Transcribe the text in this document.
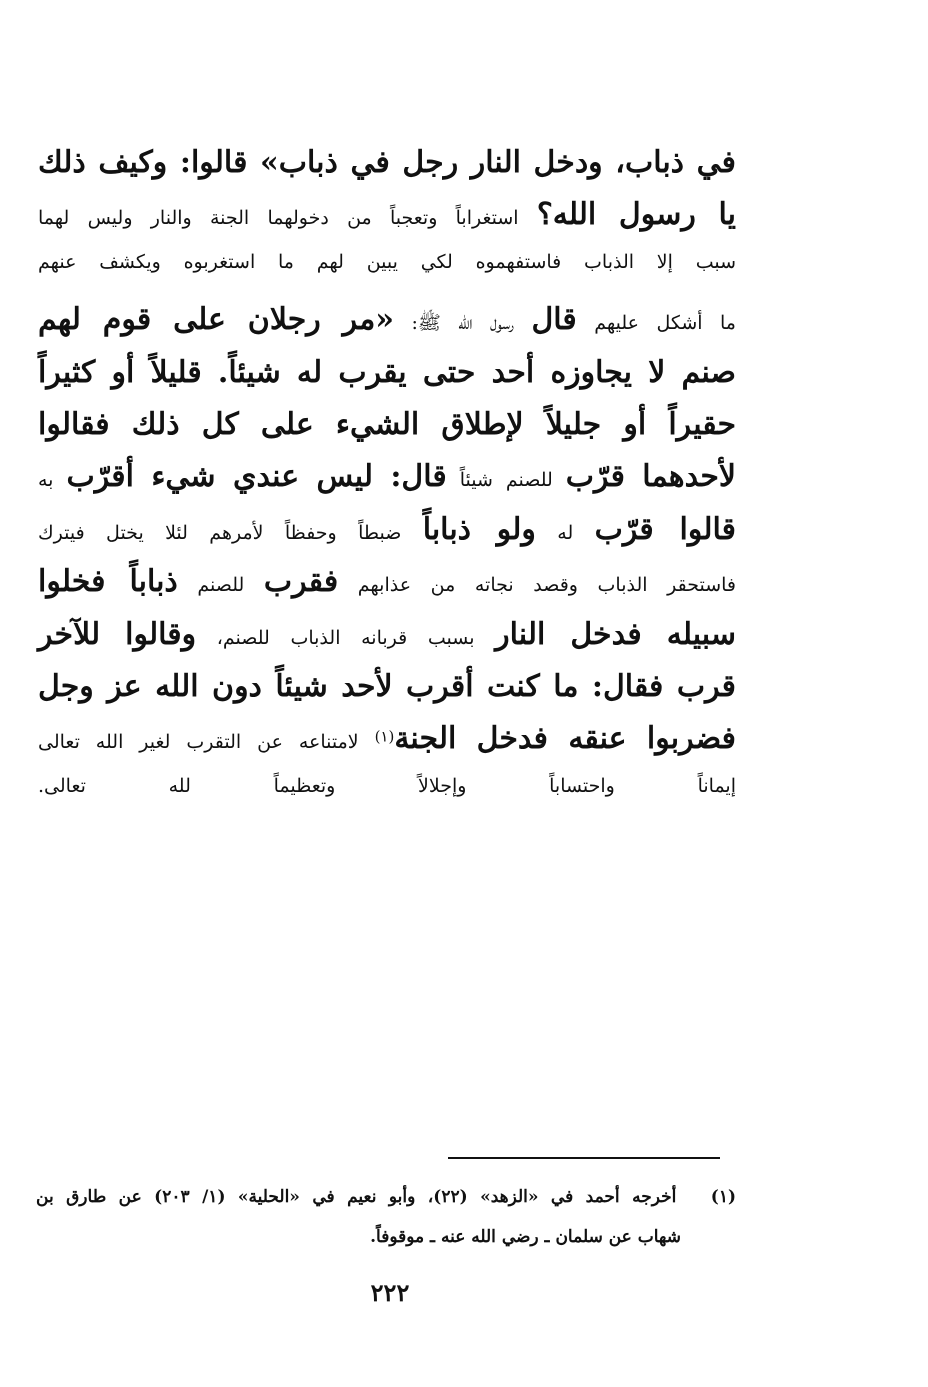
في ذباب، ودخل النار رجل في ذباب» قالوا: وكيف ذلك
يا رسول الله؟ استغراباً وتعجباً من دخولهما الجنة والنار وليس لهما
سبب إلا الذباب فاستفهموه لكي يبين لهم ما استغربوه ويكشف عنهم
ما أشكل عليهم قال رسول الله ﷺ: «مر رجلان على قوم لهم
صنم لا يجاوزه أحد حتى يقرب له شيئاً. قليلاً أو كثيراً
حقيراً أو جليلاً لإطلاق الشيء على كل ذلك فقالوا
لأحدهما قرّب للصنم شيئاً قال: ليس عندي شيء أقرّب به
قالوا قرّب له ولو ذباباً ضبطاً وحفظاً لأمرهم لئلا يختل فيترك
فاستحقر الذباب وقصد نجاته من عذابهم فقرب للصنم ذباباً فخلوا
سبيله فدخل النار بسبب قربانه الذباب للصنم، وقالوا للآخر
قرب فقال: ما كنت أقرب لأحد شيئاً دون الله عز وجل
فضربوا عنقه فدخل الجنة(١) لامتناعه عن التقرب لغير الله تعالى
إيماناً واحتساباً وإجلالاً وتعظيماً لله تعالى.
(١) أخرجه أحمد في «الزهد» (٢٢)، وأبو نعيم في «الحلية» (١/ ٢٠٣) عن طارق بن
شهاب عن سلمان ـ رضي الله عنه ـ موقوفاً.
٢٢٢
